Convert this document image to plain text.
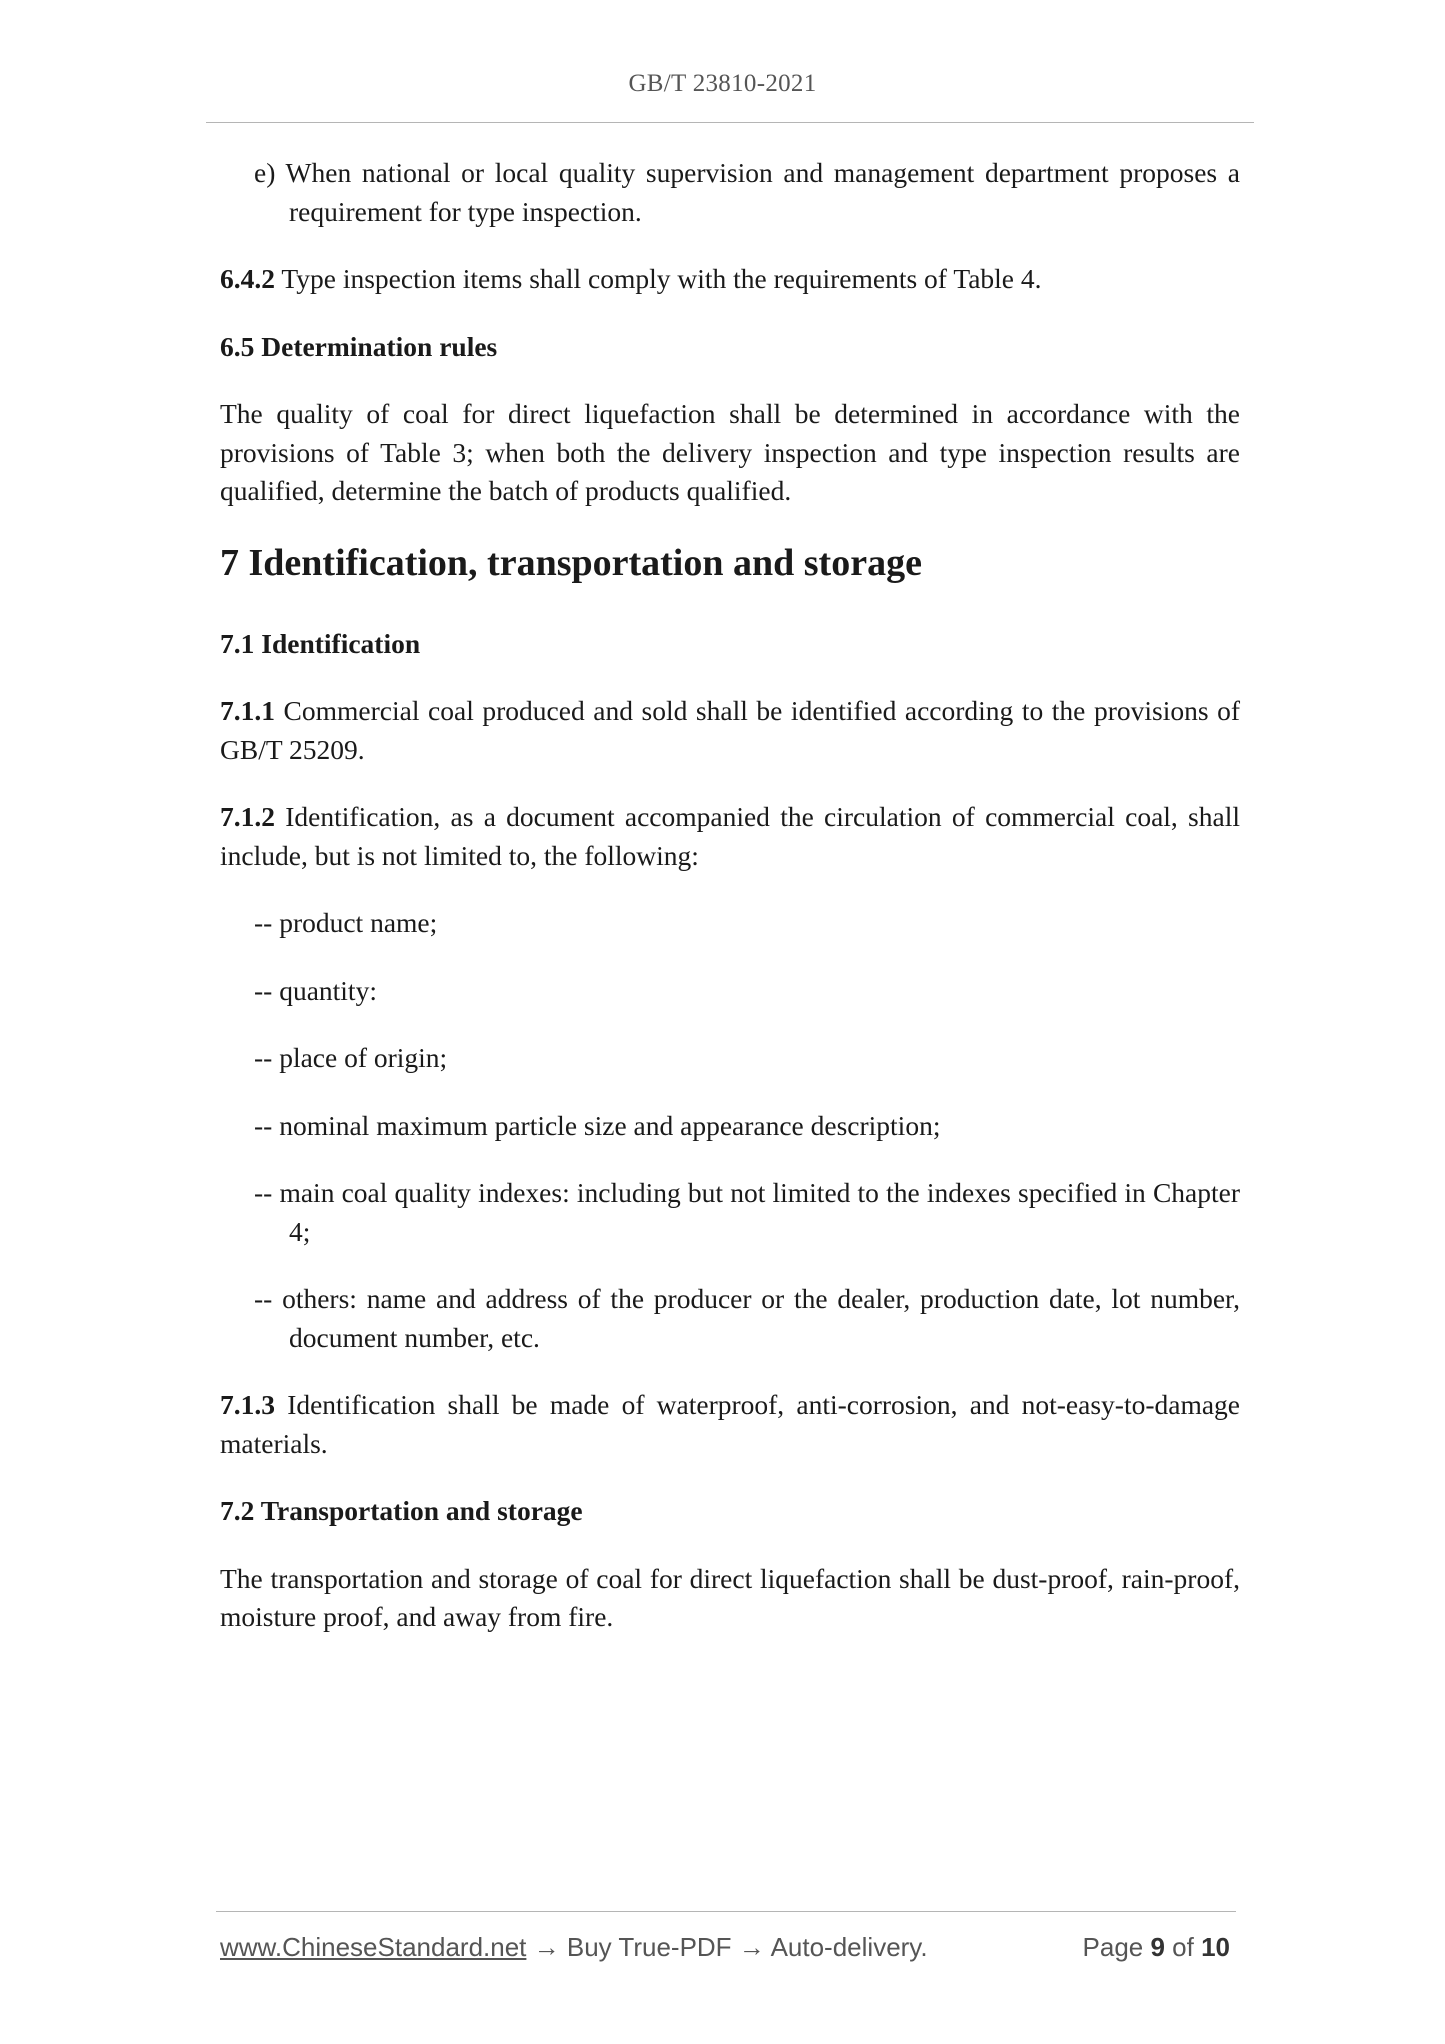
GB/T 23810-2021

e) When national or local quality supervision and management department proposes a requirement for type inspection.

6.4.2 Type inspection items shall comply with the requirements of Table 4.

6.5 Determination rules

The quality of coal for direct liquefaction shall be determined in accordance with the provisions of Table 3; when both the delivery inspection and type inspection results are qualified, determine the batch of products qualified.

7 Identification, transportation and storage

7.1 Identification

7.1.1 Commercial coal produced and sold shall be identified according to the provisions of GB/T 25209.

7.1.2 Identification, as a document accompanied the circulation of commercial coal, shall include, but is not limited to, the following:

-- product name;

-- quantity:

-- place of origin;

-- nominal maximum particle size and appearance description;

-- main coal quality indexes: including but not limited to the indexes specified in Chapter 4;

-- others: name and address of the producer or the dealer, production date, lot number, document number, etc.

7.1.3 Identification shall be made of waterproof, anti-corrosion, and not-easy-to-damage materials.

7.2 Transportation and storage

The transportation and storage of coal for direct liquefaction shall be dust-proof, rain-proof, moisture proof, and away from fire.

www.ChineseStandard.net → Buy True-PDF → Auto-delivery.	Page 9 of 10
